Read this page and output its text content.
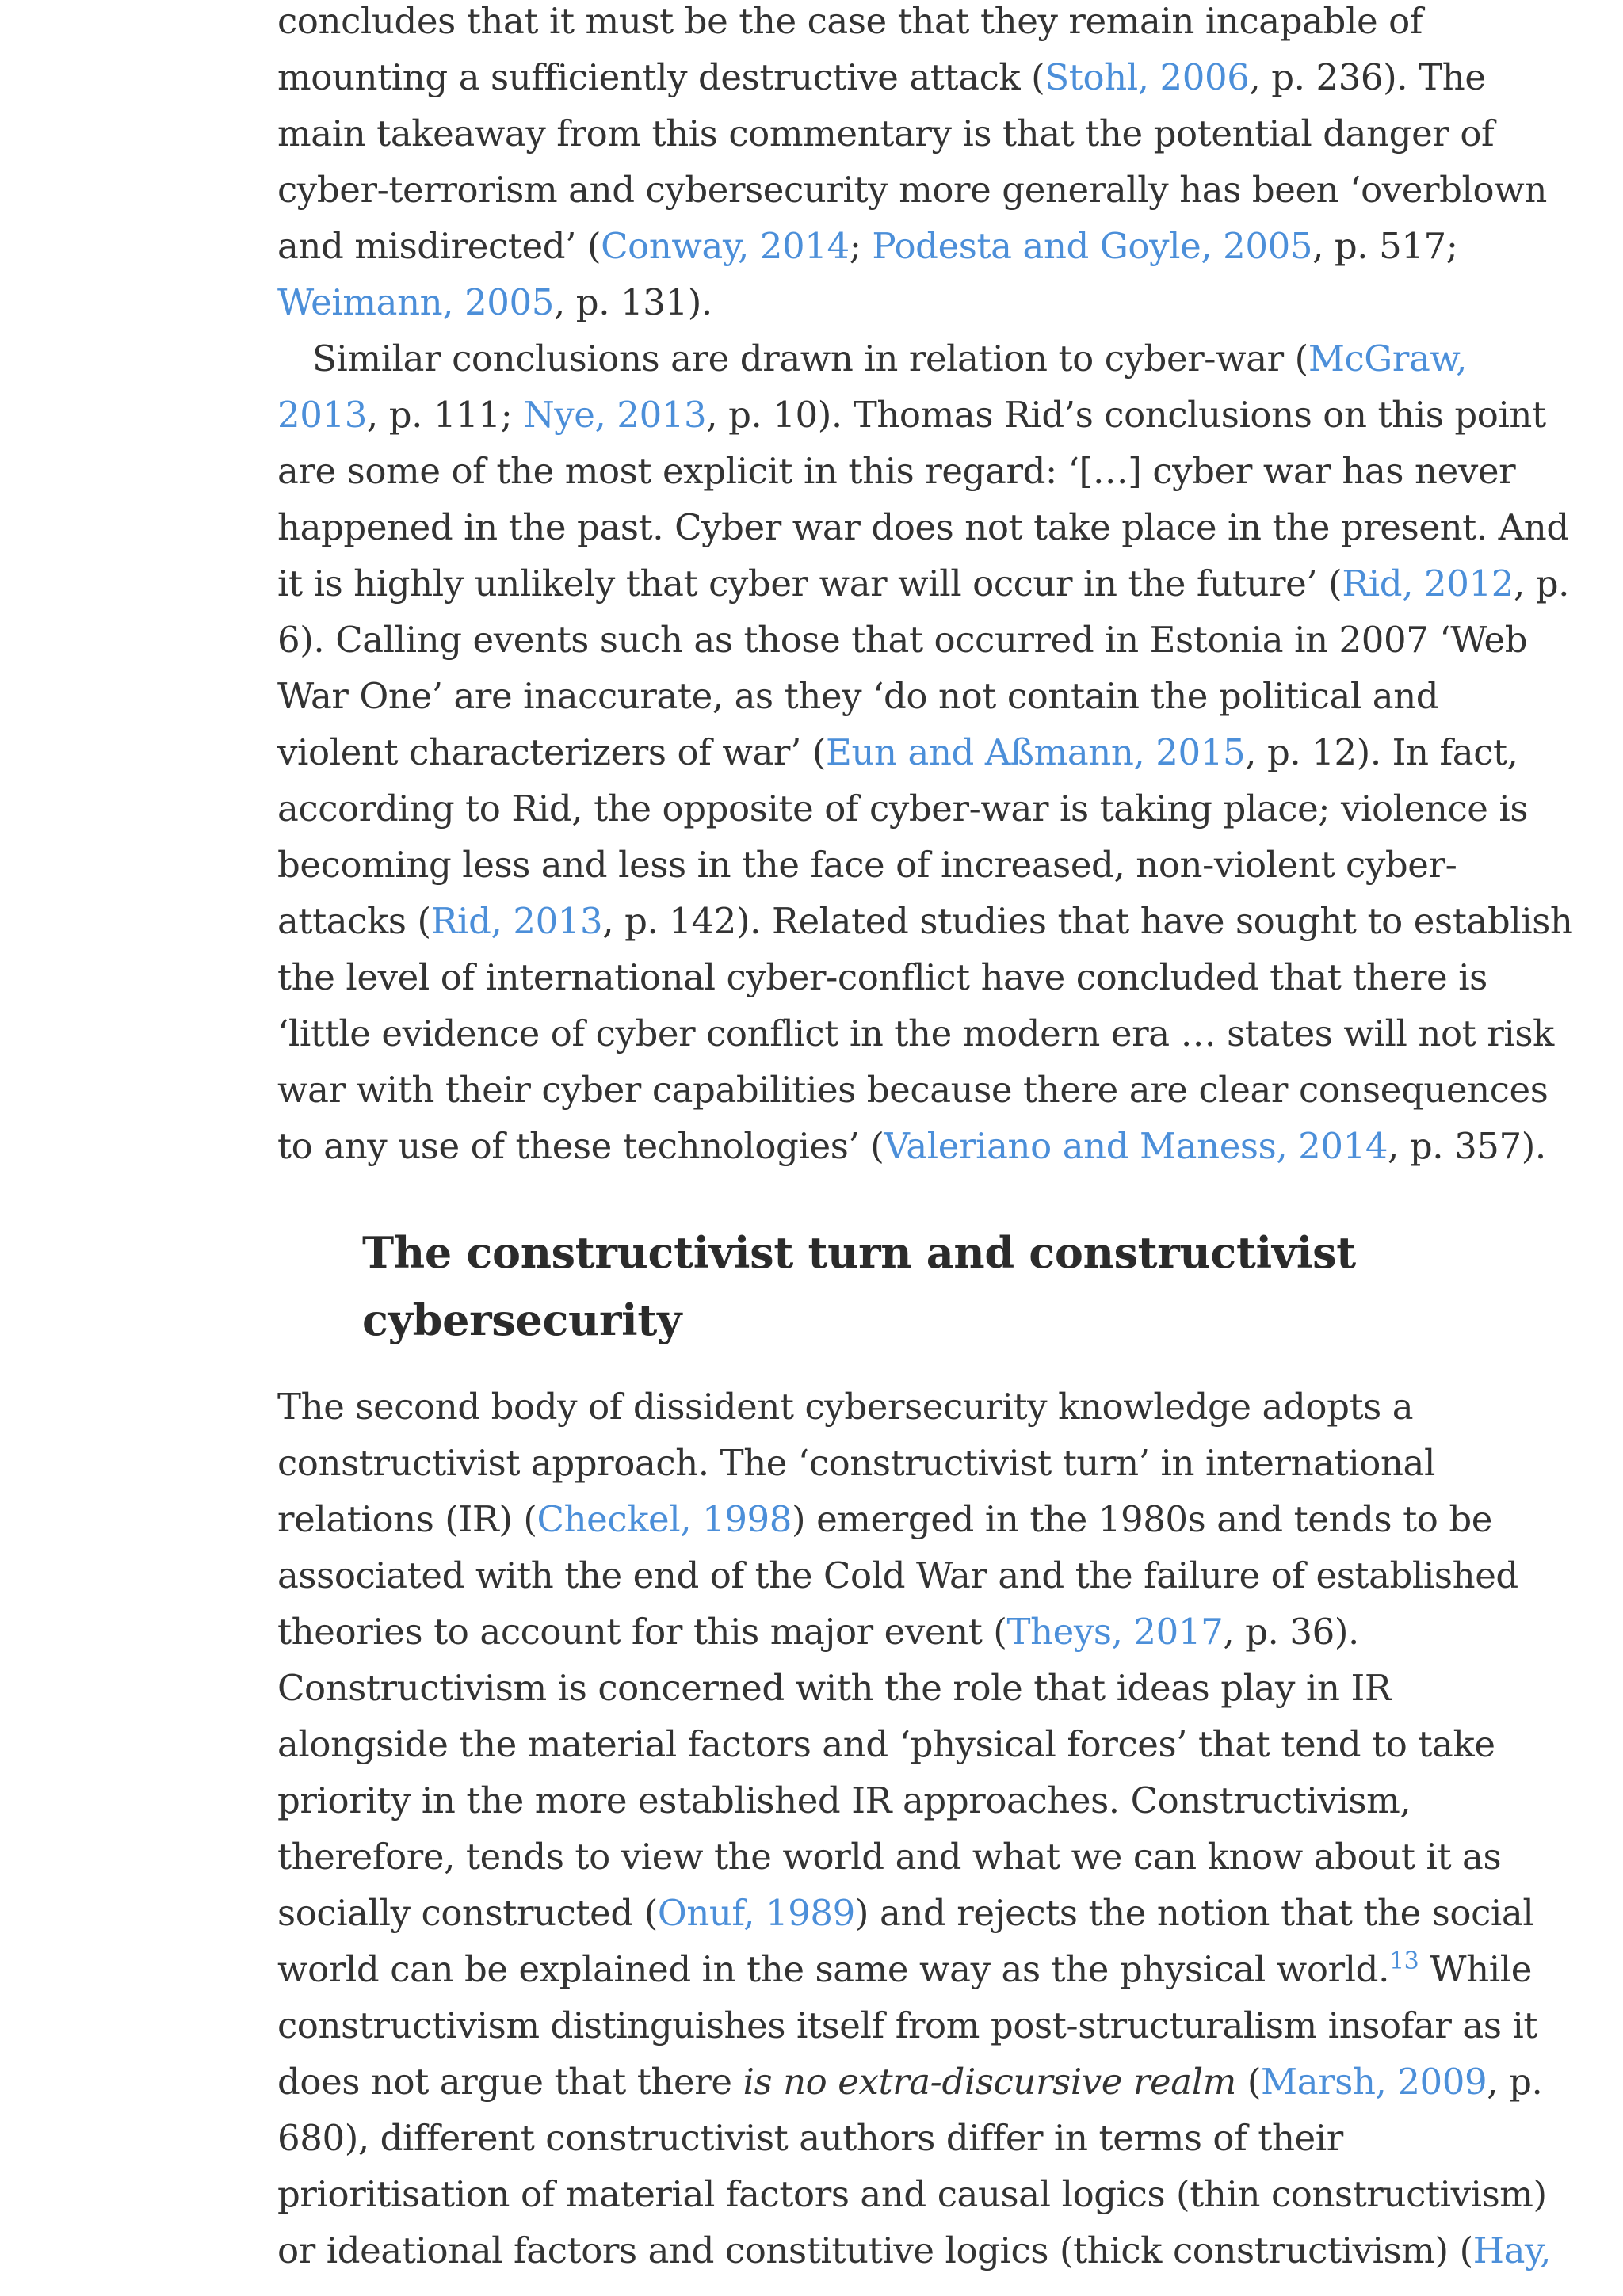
concludes that it must be the case that they remain incapable of
mounting a sufficiently destructive attack (Stohl, 2006, p. 236). The
main takeaway from this commentary is that the potential danger of
cyber-terrorism and cybersecurity more generally has been ‘overblown
and misdirected’ (Conway, 2014; Podesta and Goyle, 2005, p. 517;
Weimann, 2005, p. 131).
Similar conclusions are drawn in relation to cyber-war (McGraw,
2013, p. 111; Nye, 2013, p. 10). Thomas Rid’s conclusions on this point
are some of the most explicit in this regard: ‘[…] cyber war has never
happened in the past. Cyber war does not take place in the present. And
it is highly unlikely that cyber war will occur in the future’ (Rid, 2012, p.
6). Calling events such as those that occurred in Estonia in 2007 ‘Web
War One’ are inaccurate, as they ‘do not contain the political and
violent characterizers of war’ (Eun and Aßmann, 2015, p. 12). In fact,
according to Rid, the opposite of cyber-war is taking place; violence is
becoming less and less in the face of increased, non-violent cyber-
attacks (Rid, 2013, p. 142). Related studies that have sought to establish
the level of international cyber-conflict have concluded that there is
‘little evidence of cyber conflict in the modern era … states will not risk
war with their cyber capabilities because there are clear consequences
to any use of these technologies’ (Valeriano and Maness, 2014, p. 357).
The constructivist turn and constructivist
cybersecurity
The second body of dissident cybersecurity knowledge adopts a
constructivist approach. The ‘constructivist turn’ in international
relations (IR) (Checkel, 1998) emerged in the 1980s and tends to be
associated with the end of the Cold War and the failure of established
theories to account for this major event (Theys, 2017, p. 36).
Constructivism is concerned with the role that ideas play in IR
alongside the material factors and ‘physical forces’ that tend to take
priority in the more established IR approaches. Constructivism,
therefore, tends to view the world and what we can know about it as
socially constructed (Onuf, 1989) and rejects the notion that the social
world can be explained in the same way as the physical world.$^{13}$ While
constructivism distinguishes itself from post-structuralism insofar as it
does not argue that there is no extra-discursive realm (Marsh, 2009, p.
680), different constructivist authors differ in terms of their
prioritisation of material factors and causal logics (thin constructivism)
or ideational factors and constitutive logics (thick constructivism) (Hay,
